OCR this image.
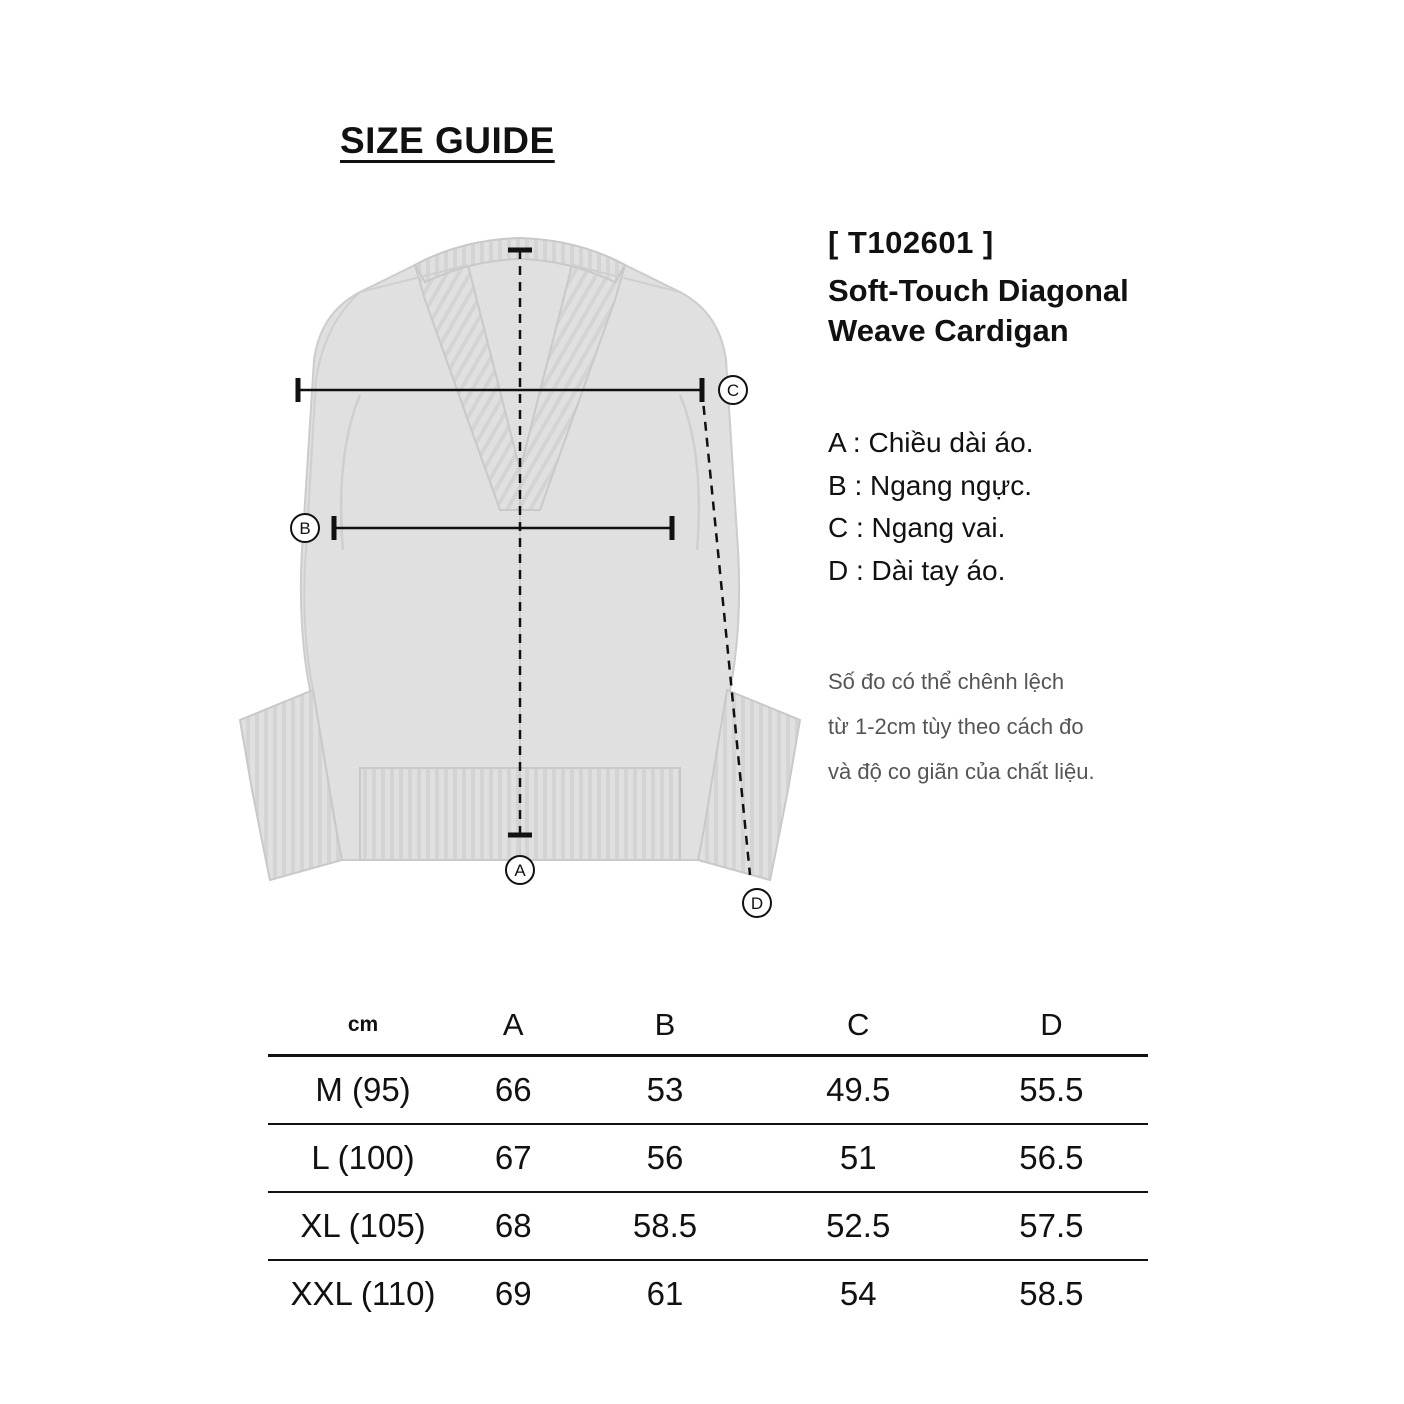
SIZE GUIDE
C
B
A
D
[ T102601 ]
Soft-Touch Diagonal
Weave Cardigan
A : Chiều dài áo.
B : Ngang ngực.
C : Ngang vai.
D : Dài tay áo.
Số đo có thể chênh lệch
từ 1-2cm tùy theo cách đo
và độ co giãn của chất liệu.
cm	A	B	C	D
M (95)	66	53	49.5	55.5
L (100)	67	56	51	56.5
XL (105)	68	58.5	52.5	57.5
XXL (110)	69	61	54	58.5
